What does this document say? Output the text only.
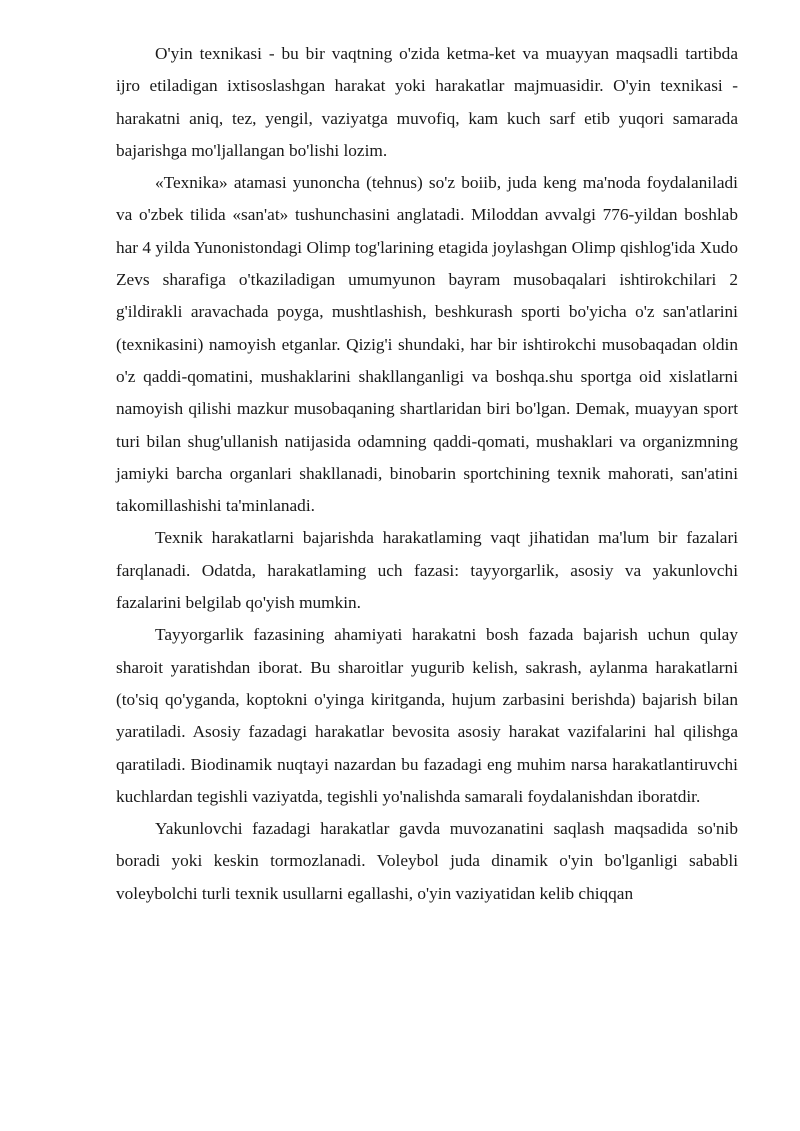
O'yin texnikasi - bu bir vaqtning o'zida ketma-ket va muayyan maqsadli tartibda ijro etiladigan ixtisoslashgan harakat yoki harakatlar majmuasidir. O'yin texnikasi - harakatni aniq, tez, yengil, vaziyatga muvofiq, kam kuch sarf etib yuqori samarada bajarishga mo'ljallangan bo'lishi lozim.

«Texnika» atamasi yunoncha (tehnus) so'z boiib, juda keng ma'noda foydalaniladi va o'zbek tilida «san'at» tushunchasini anglatadi. Miloddan avvalgi 776-yildan boshlab har 4 yilda Yunonistondagi Olimp tog'larining etagida joylashgan Olimp qishlog'ida Xudo Zevs sharafiga o'tkaziladigan umumyunon bayram musobaqalari ishtirokchilari 2 g'ildirakli aravachada poyga, mushtlashish, beshkurash sporti bo'yicha o'z san'atlarini (texnikasini) namoyish etganlar. Qizig'i shundaki, har bir ishtirokchi musobaqadan oldin o'z qaddi-qomatini, mushaklarini shakllanganligi va boshqa.shu sportga oid xislatlarni namoyish qilishi mazkur musobaqaning shartlaridan biri bo'lgan. Demak, muayyan sport turi bilan shug'ullanish natijasida odamning qaddi-qomati, mushaklari va organizmning jamiyki barcha organlari shakllanadi, binobarin sportchining texnik mahorati, san'atini takomillashishi ta'minlanadi.

Texnik harakatlarni bajarishda harakatlaming vaqt jihatidan ma'lum bir fazalari farqlanadi. Odatda, harakatlaming uch fazasi: tayyorgarlik, asosiy va yakunlovchi fazalarini belgilab qo'yish mumkin.

Tayyorgarlik fazasining ahamiyati harakatni bosh fazada bajarish uchun qulay sharoit yaratishdan iborat. Bu sharoitlar yugurib kelish, sakrash, aylanma harakatlarni (to'siq qo'yganda, koptokni o'yinga kiritganda, hujum zarbasini berishda) bajarish bilan yaratiladi. Asosiy fazadagi harakatlar bevosita asosiy harakat vazifalarini hal qilishga qaratiladi. Biodinamik nuqtayi nazardan bu fazadagi eng muhim narsa harakatlantiruvchi kuchlardan tegishli vaziyatda, tegishli yo'nalishda samarali foydalanishdan iboratdir.

Yakunlovchi fazadagi harakatlar gavda muvozanatini saqlash maqsadida so'nib boradi yoki keskin tormozlanadi. Voleybol juda dinamik o'yin bo'lganligi sababli voleybolchi turli texnik usullarni egallashi, o'yin vaziyatidan kelib chiqqan
